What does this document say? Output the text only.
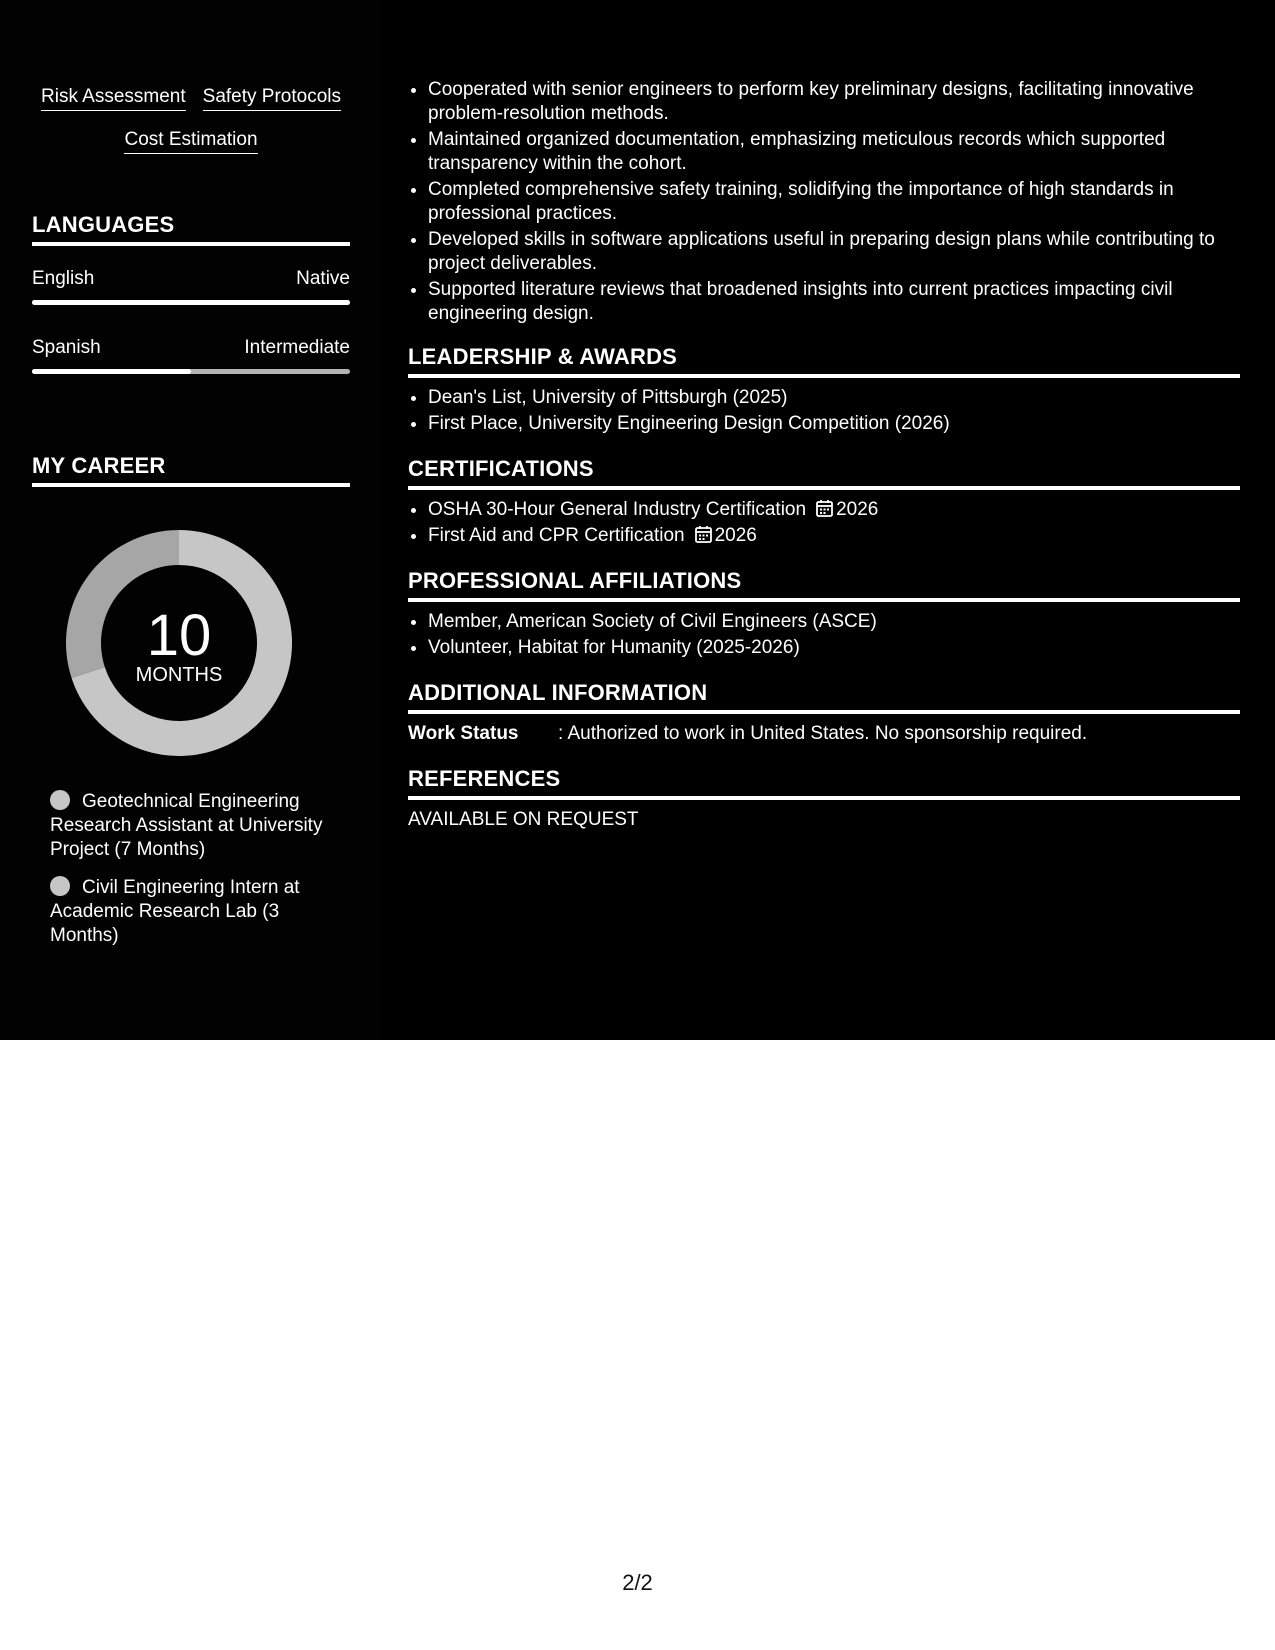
Risk Assessment Safety Protocols
Cost Estimation
LANGUAGES
English	Native
Spanish	Intermediate
MY CAREER
10
MONTHS
Geotechnical Engineering Research Assistant at University Project (7 Months)
Civil Engineering Intern at Academic Research Lab (3 Months)
• Cooperated with senior engineers to perform key preliminary designs, facilitating innovative problem-resolution methods.
• Maintained organized documentation, emphasizing meticulous records which supported transparency within the cohort.
• Completed comprehensive safety training, solidifying the importance of high standards in professional practices.
• Developed skills in software applications useful in preparing design plans while contributing to project deliverables.
• Supported literature reviews that broadened insights into current practices impacting civil engineering design.
LEADERSHIP & AWARDS
• Dean's List, University of Pittsburgh (2025)
• First Place, University Engineering Design Competition (2026)
CERTIFICATIONS
• OSHA 30-Hour General Industry Certification 2026
• First Aid and CPR Certification 2026
PROFESSIONAL AFFILIATIONS
• Member, American Society of Civil Engineers (ASCE)
• Volunteer, Habitat for Humanity (2025-2026)
ADDITIONAL INFORMATION
Work Status	: Authorized to work in United States. No sponsorship required.
REFERENCES
AVAILABLE ON REQUEST
2/2
